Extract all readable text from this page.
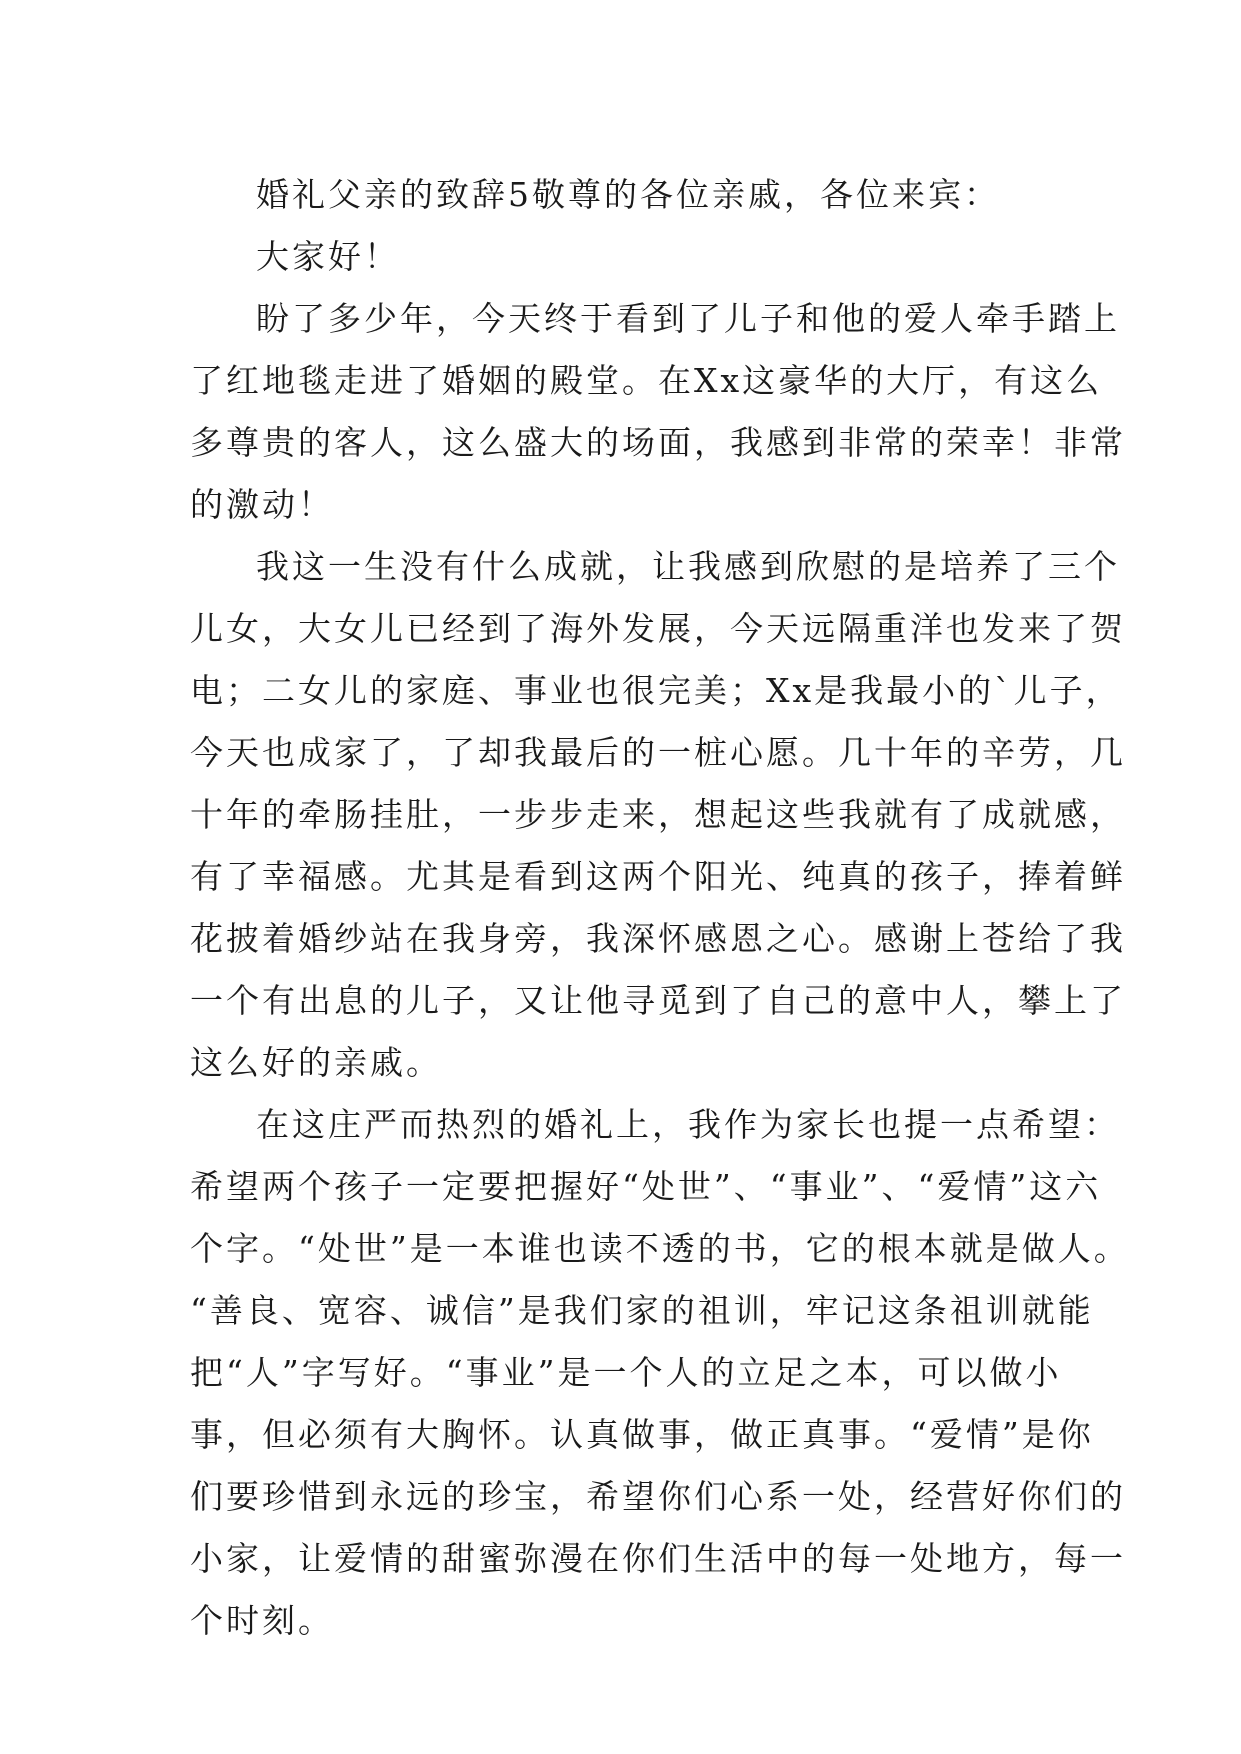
婚礼父亲的致辞5敬尊的各位亲戚，各位来宾：
大家好！
盼了多少年，今天终于看到了儿子和他的爱人牵手踏上
了红地毯走进了婚姻的殿堂。在Xx这豪华的大厅，有这么
多尊贵的客人，这么盛大的场面，我感到非常的荣幸！非常
的激动！
我这一生没有什么成就，让我感到欣慰的是培养了三个
儿女，大女儿已经到了海外发展，今天远隔重洋也发来了贺
电；二女儿的家庭、事业也很完美；Xx是我最小的`儿子，
今天也成家了，了却我最后的一桩心愿。几十年的辛劳，几
十年的牵肠挂肚，一步步走来，想起这些我就有了成就感，
有了幸福感。尤其是看到这两个阳光、纯真的孩子，捧着鲜
花披着婚纱站在我身旁，我深怀感恩之心。感谢上苍给了我
一个有出息的儿子，又让他寻觅到了自己的意中人，攀上了
这么好的亲戚。
在这庄严而热烈的婚礼上，我作为家长也提一点希望：
希望两个孩子一定要把握好“处世”、“事业”、“爱情”这六
个字。“处世”是一本谁也读不透的书，它的根本就是做人。
“善良、宽容、诚信”是我们家的祖训，牢记这条祖训就能
把“人”字写好。“事业”是一个人的立足之本，可以做小
事，但必须有大胸怀。认真做事，做正真事。“爱情”是你
们要珍惜到永远的珍宝，希望你们心系一处，经营好你们的
小家，让爱情的甜蜜弥漫在你们生活中的每一处地方，每一
个时刻。
